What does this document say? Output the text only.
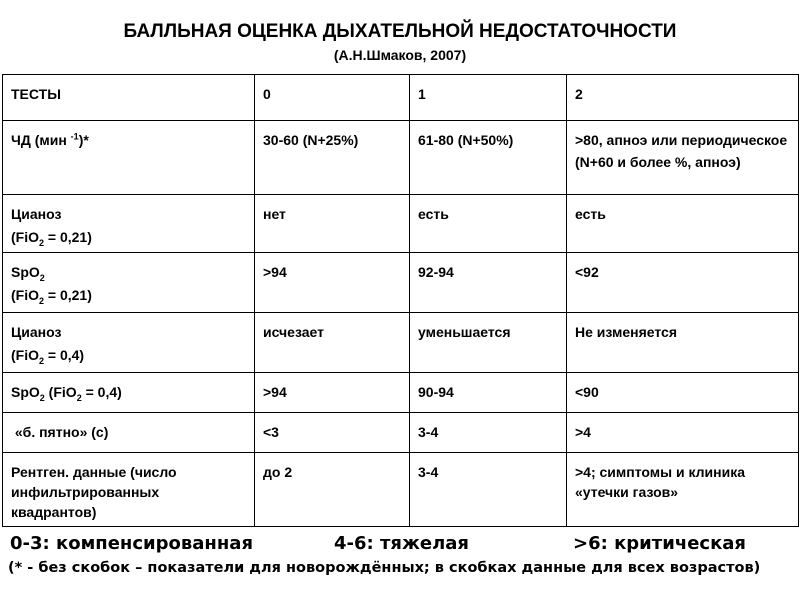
БАЛЛЬНАЯ ОЦЕНКА ДЫХАТЕЛЬНОЙ НЕДОСТАТОЧНОСТИ
(А.Н.Шмаков, 2007)
ТЕСТЫ	0	1	2
ЧД (мин $^{-1}$)*	30-60 (N+25%)	61-80 (N+50%)	>80, апноэ или периодическое
(N+60 и более %, апноэ)

Цианоз
(FiO$_2$ = 0,21)	нет	есть	есть

SpO$_2$
(FiO$_2$ = 0,21)	>94	92-94	<92

Цианоз
(FiO$_2$ = 0,4)	исчезает	уменьшается	Не изменяется
SpO$_2$ (FiO$_2$ = 0,4)	>94	90-94	<90
«б. пятно» (с)	<3	3-4	>4
Рентген. данные (число инфильтрированных квадрантов)	до 2	3-4	>4; симптомы и клиника «утечки газов»
0-3: компенсированная	4-6: тяжелая	>6: критическая
(* - без скобок – показатели для новорождённых; в скобках данные для всех возрастов)
